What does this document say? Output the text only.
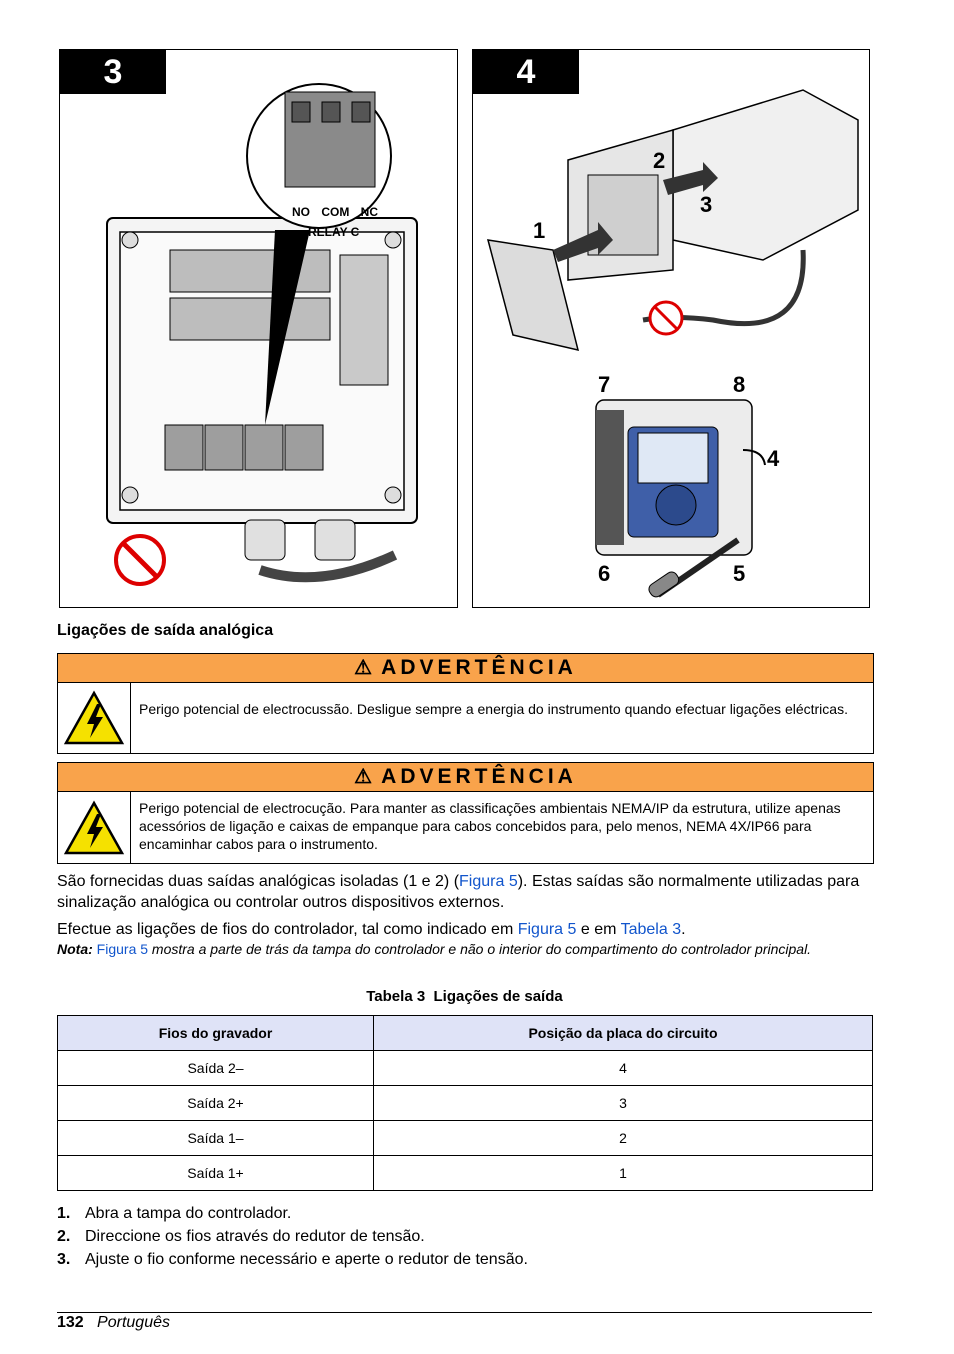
3
NO COM NC
RELAY C
4
1
2
3
4
5
6
7	8
Ligações de saída analógica
⚠ ADVERTÊNCIA
Perigo potencial de electrocussão. Desligue sempre a energia do instrumento quando efectuar ligações eléctricas.
⚠ ADVERTÊNCIA
Perigo potencial de electrocução. Para manter as classificações ambientais NEMA/IP da estrutura, utilize apenas acessórios de ligação e caixas de empanque para cabos concebidos para, pelo menos, NEMA 4X/IP66 para encaminhar cabos para o instrumento.
São fornecidas duas saídas analógicas isoladas (1 e 2) (Figura 5). Estas saídas são normalmente utilizadas para sinalização analógica ou controlar outros dispositivos externos.
Efectue as ligações de fios do controlador, tal como indicado em Figura 5 e em Tabela 3.
Nota: Figura 5 mostra a parte de trás da tampa do controlador e não o interior do compartimento do controlador principal.
Tabela 3  Ligações de saída
Fios do gravador	Posição da placa do circuito
Saída 2–	4
Saída 2+	3
Saída 1–	2
Saída 1+	1
1. Abra a tampa do controlador.
2. Direccione os fios através do redutor de tensão.
3. Ajuste o fio conforme necessário e aperte o redutor de tensão.
132 Português
